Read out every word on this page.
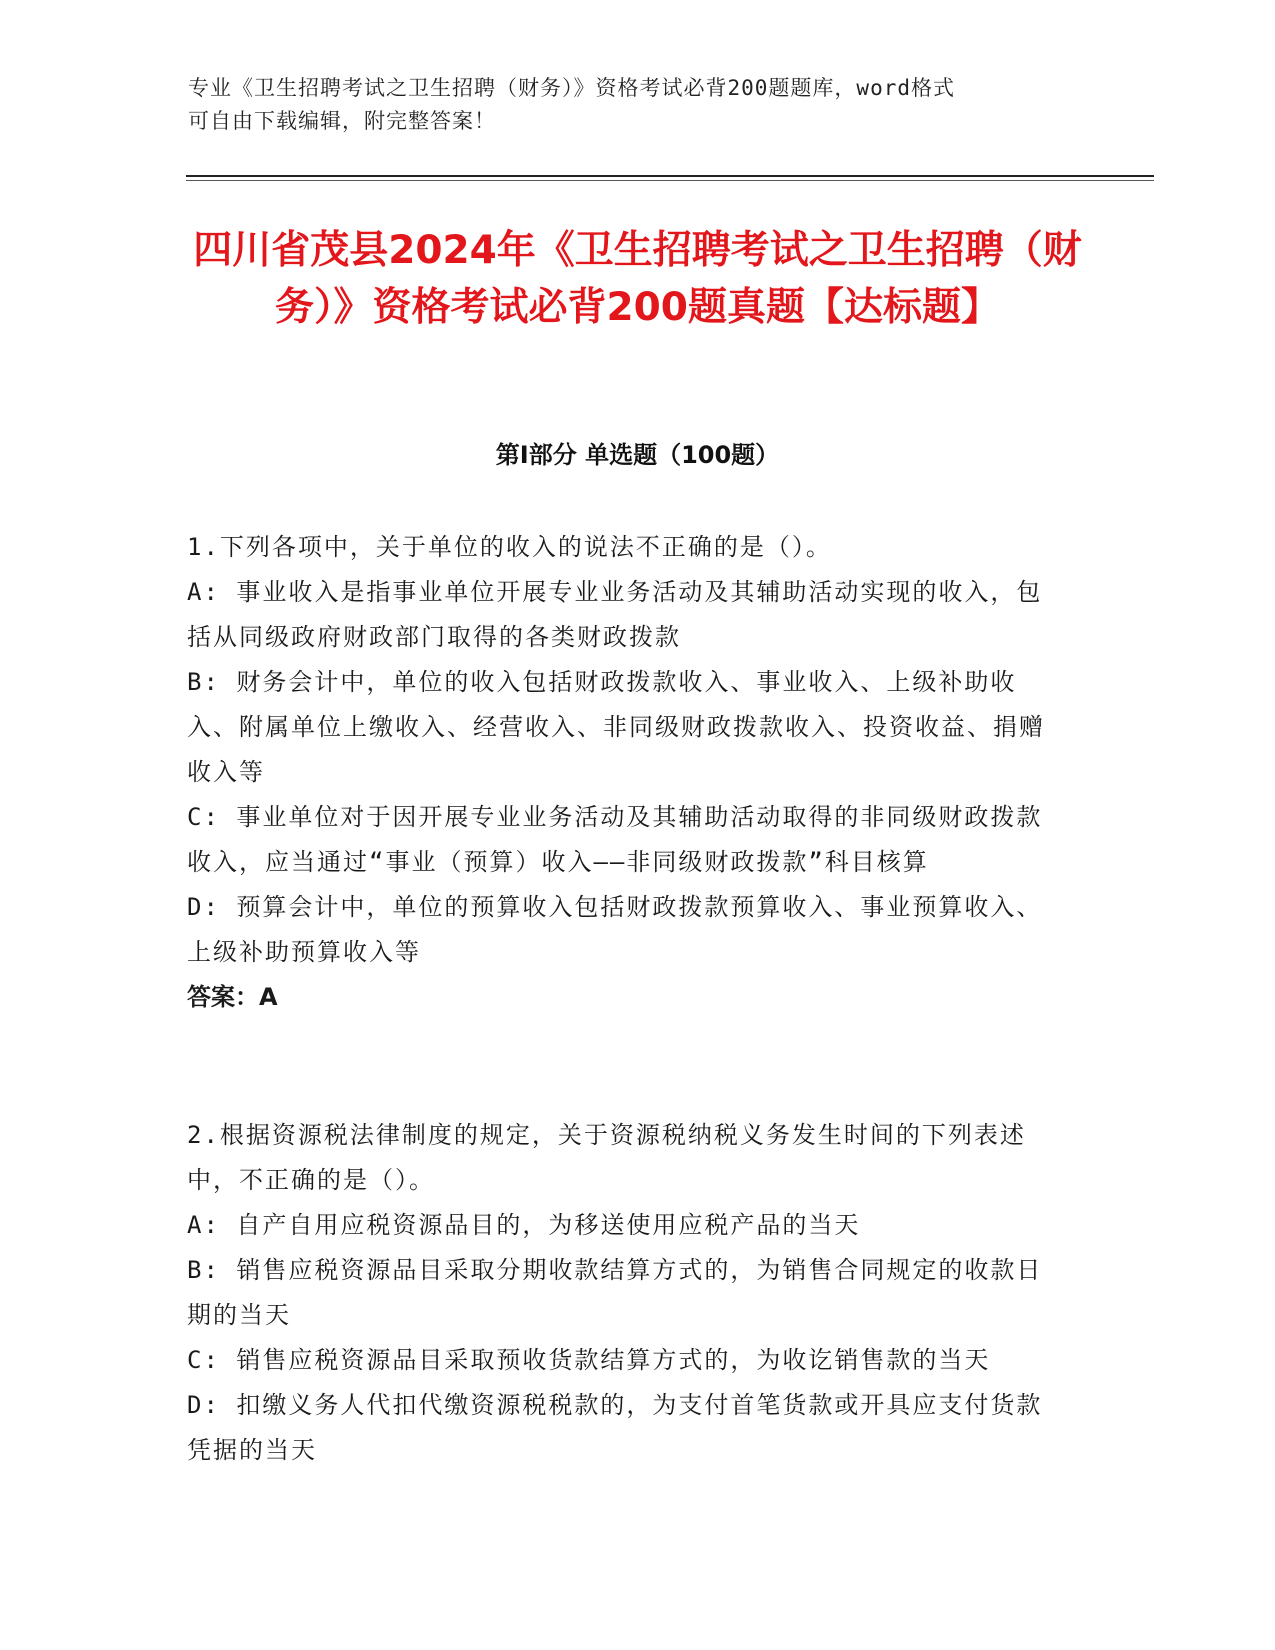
专业《卫生招聘考试之卫生招聘（财务）》资格考试必背200题题库，word格式
可自由下载编辑，附完整答案！
四川省茂县2024年《卫生招聘考试之卫生招聘（财务）》资格考试必背200题真题【达标题】
第Ⅰ部分 单选题（100题）

1.下列各项中，关于单位的收入的说法不正确的是（）。

A: 事业收入是指事业单位开展专业业务活动及其辅助活动实现的收入，包括从同级政府财政部门取得的各类财政拨款

B: 财务会计中，单位的收入包括财政拨款收入、事业收入、上级补助收入、附属单位上缴收入、经营收入、非同级财政拨款收入、投资收益、捐赠收入等

C: 事业单位对于因开展专业业务活动及其辅助活动取得的非同级财政拨款收入，应当通过“事业（预算）收入——非同级财政拨款”科目核算

D: 预算会计中，单位的预算收入包括财政拨款预算收入、事业预算收入、上级补助预算收入等

答案：A

2.根据资源税法律制度的规定，关于资源税纳税义务发生时间的下列表述中，不正确的是（）。

A: 自产自用应税资源品目的，为移送使用应税产品的当天

B: 销售应税资源品目采取分期收款结算方式的，为销售合同规定的收款日期的当天

C: 销售应税资源品目采取预收货款结算方式的，为收讫销售款的当天

D: 扣缴义务人代扣代缴资源税税款的，为支付首笔货款或开具应支付货款凭据的当天
